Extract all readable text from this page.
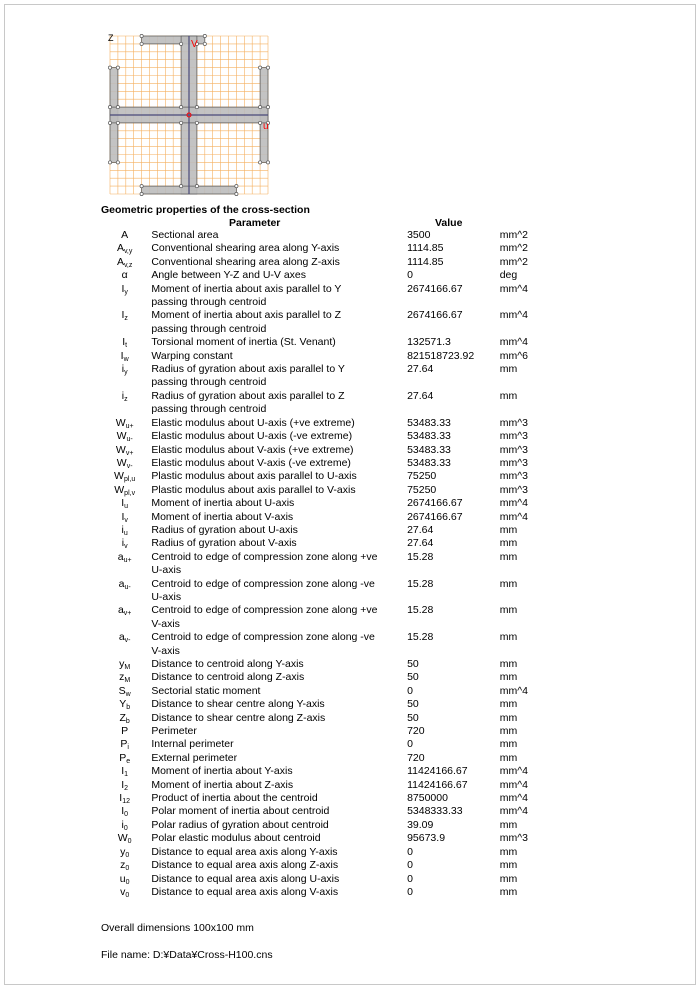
Z
V
u
Geometric properties of the cross-section
Parameter	Value
A	Sectional area	3500	mm^2
$A_{v,y}$	Conventional shearing area along Y-axis	1114.85	mm^2
$A_{v,z}$	Conventional shearing area along Z-axis	1114.85	mm^2
α	Angle between Y-Z and U-V axes	0	deg
$I_y$	Moment of inertia about axis parallel to Y
passing through centroid	2674166.67	mm^4
$I_z$	Moment of inertia about axis parallel to Z
passing through centroid	2674166.67	mm^4
$I_t$	Torsional moment of inertia (St. Venant)	132571.3	mm^4
$I_w$	Warping constant	821518723.92	mm^6
$i_y$	Radius of gyration about axis parallel to Y
passing through centroid	27.64	mm
$i_z$	Radius of gyration about axis parallel to Z
passing through centroid	27.64	mm
$W_{u+}$	Elastic modulus about U-axis (+ve extreme)	53483.33	mm^3
$W_{u-}$	Elastic modulus about U-axis (-ve extreme)	53483.33	mm^3
$W_{v+}$	Elastic modulus about V-axis (+ve extreme)	53483.33	mm^3
$W_{v-}$	Elastic modulus about V-axis (-ve extreme)	53483.33	mm^3
$W_{pl,u}$	Plastic modulus about axis parallel to U-axis	75250	mm^3
$W_{pl,v}$	Plastic modulus about axis parallel to V-axis	75250	mm^3
$I_u$	Moment of inertia about U-axis	2674166.67	mm^4
$I_v$	Moment of inertia about V-axis	2674166.67	mm^4
$i_u$	Radius of gyration about U-axis	27.64	mm
$i_v$	Radius of gyration about V-axis	27.64	mm
$a_{u+}$	Centroid to edge of compression zone along +ve
U-axis	15.28	mm
$a_{u-}$	Centroid to edge of compression zone along -ve
U-axis	15.28	mm
$a_{v+}$	Centroid to edge of compression zone along +ve
V-axis	15.28	mm
$a_{v-}$	Centroid to edge of compression zone along -ve
V-axis	15.28	mm
$y_M$	Distance to centroid along Y-axis	50	mm
$z_M$	Distance to centroid along Z-axis	50	mm
$S_w$	Sectorial static moment	0	mm^4
$Y_b$	Distance to shear centre along Y-axis	50	mm
$Z_b$	Distance to shear centre along Z-axis	50	mm
P	Perimeter	720	mm
$P_i$	Internal perimeter	0	mm
$P_e$	External perimeter	720	mm
$I_1$	Moment of inertia about Y-axis	11424166.67	mm^4
$I_2$	Moment of inertia about Z-axis	11424166.67	mm^4
$I_{12}$	Product of inertia about the centroid	8750000	mm^4
$I_0$	Polar moment of inertia about centroid	5348333.33	mm^4
$i_0$	Polar radius of gyration about centroid	39.09	mm
$W_0$	Polar elastic modulus about centroid	95673.9	mm^3
$y_0$	Distance to equal area axis along Y-axis	0	mm
$z_0$	Distance to equal area axis along Z-axis	0	mm
$u_0$	Distance to equal area axis along U-axis	0	mm
$v_0$	Distance to equal area axis along V-axis	0	mm
Overall dimensions 100x100 mm
File name: D:¥Data¥Cross-H100.cns
